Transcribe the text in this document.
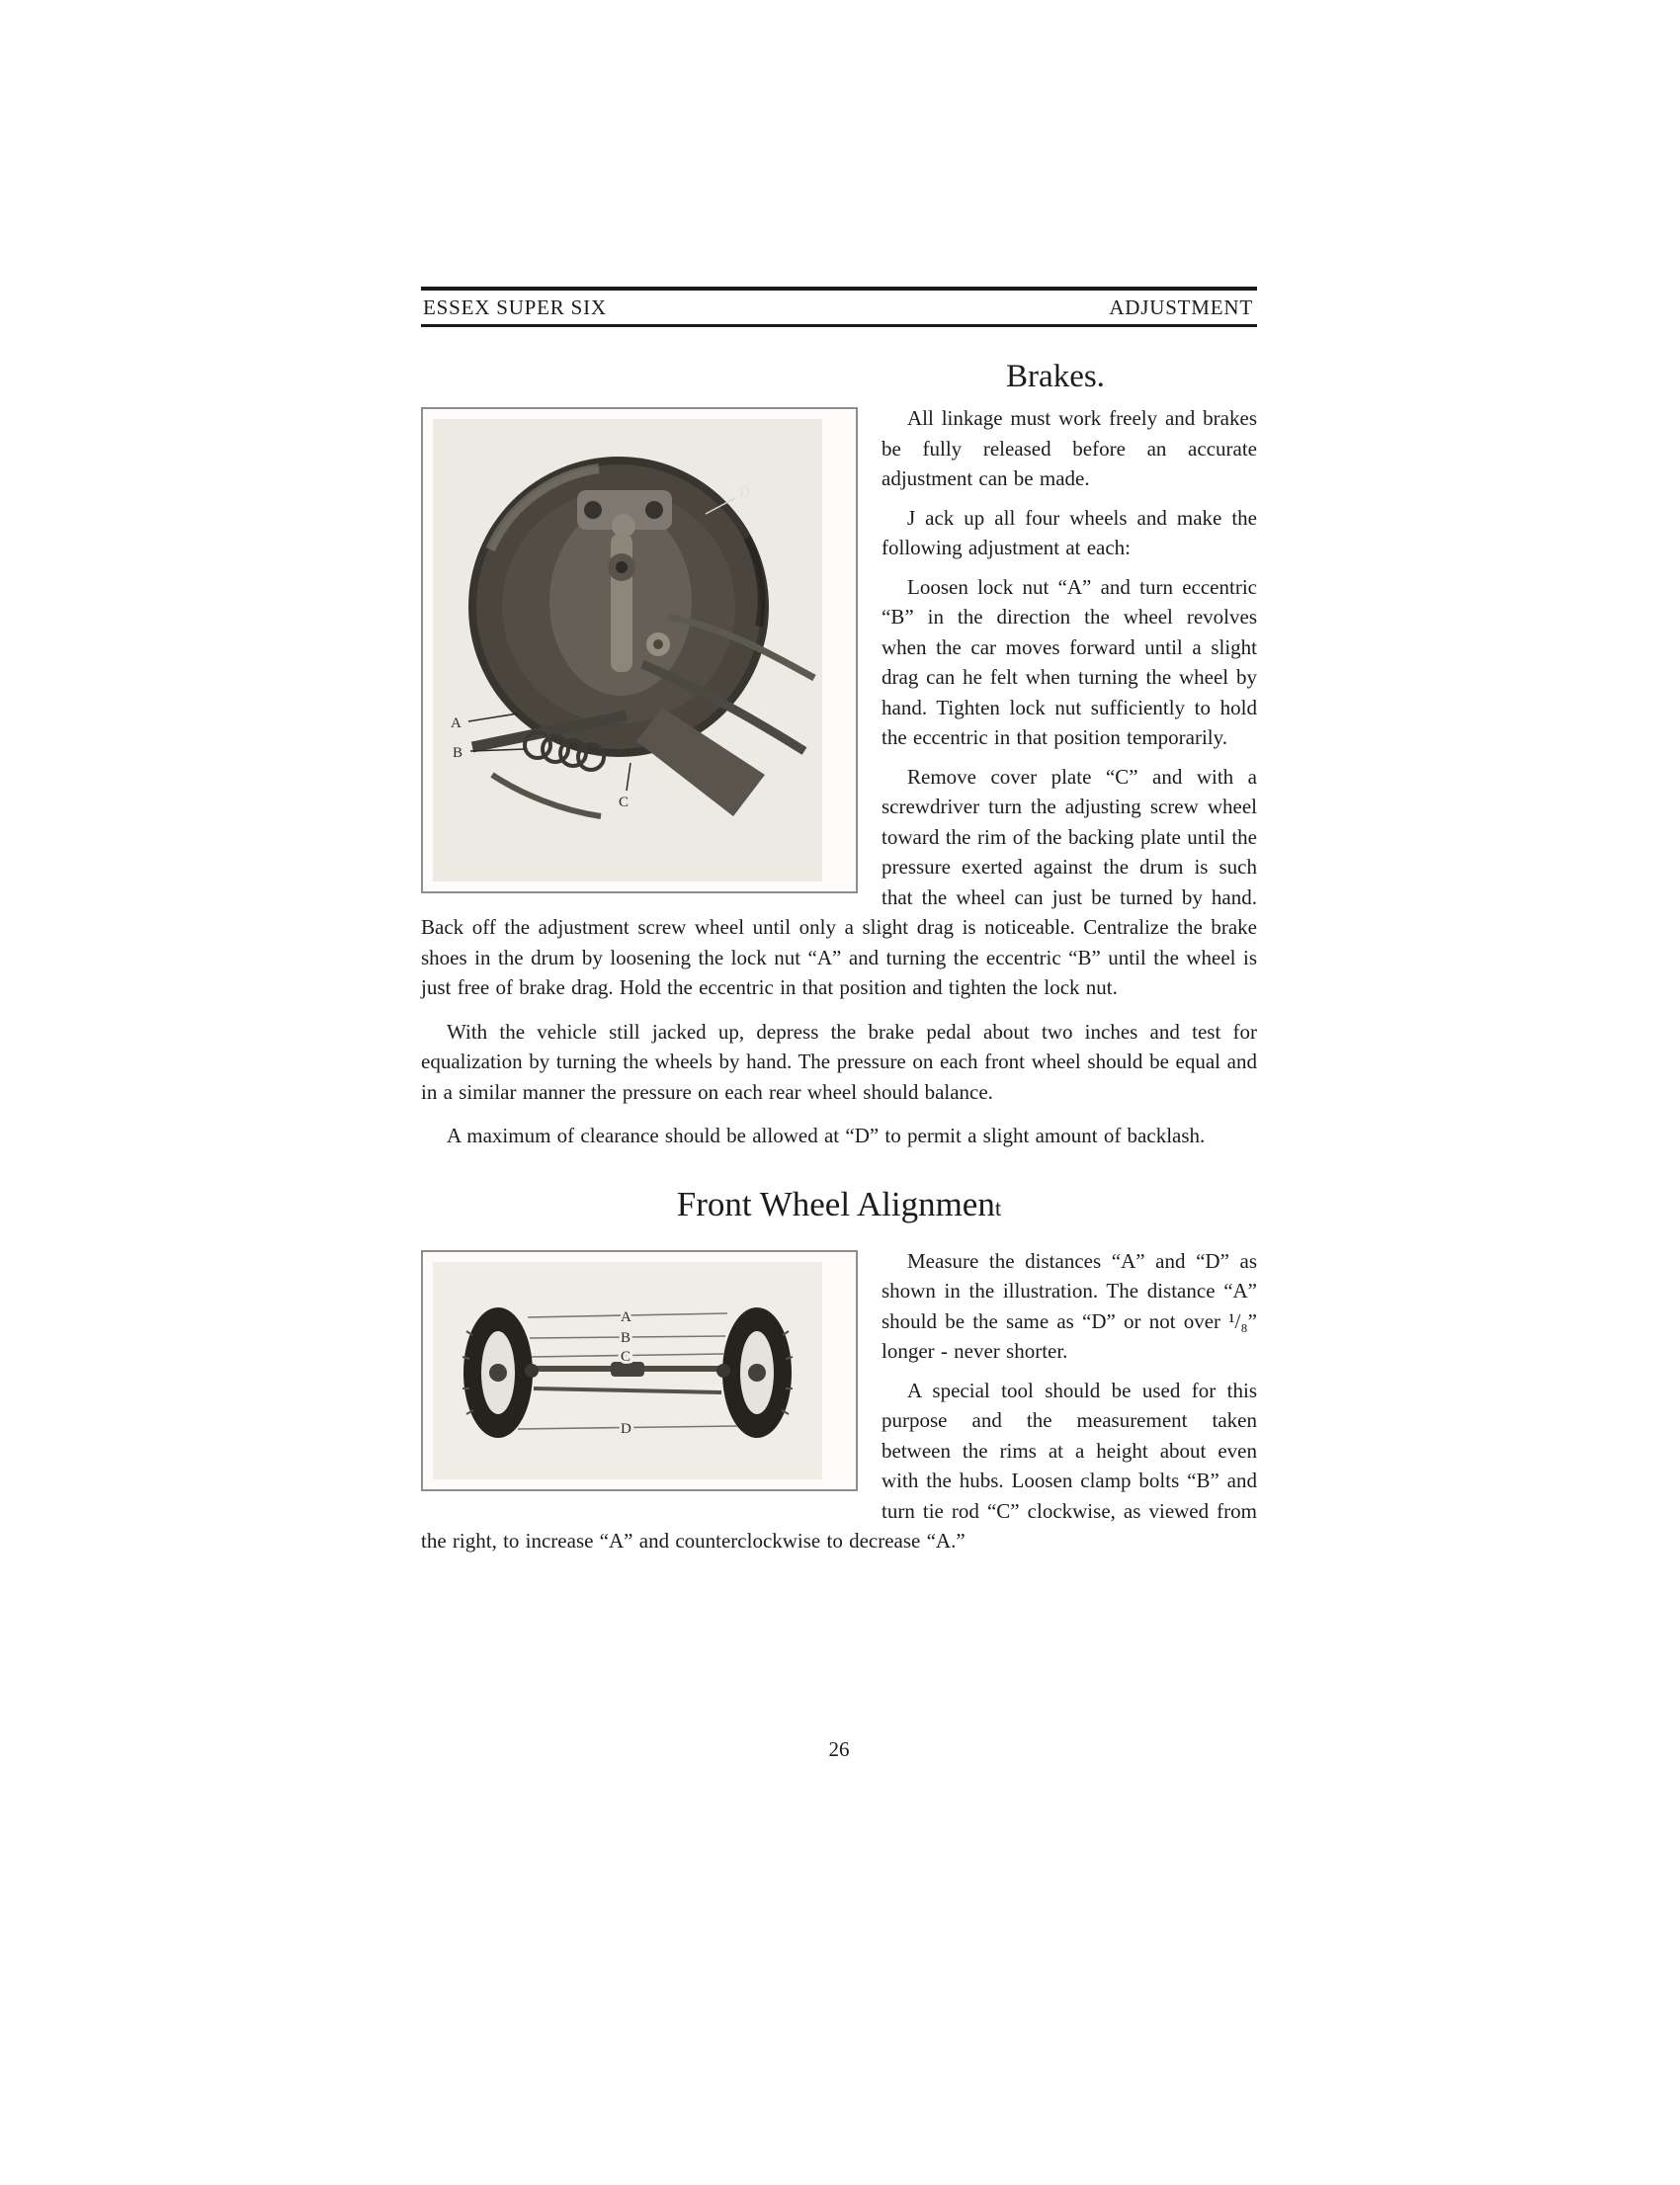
ESSEX SUPER SIX	ADJUSTMENT
Brakes.
A
B
C
D

All linkage must work freely and brakes be fully released before an accurate adjustment can be made.

J ack up all four wheels and make the following adjustment at each:

Loosen lock nut “A” and turn eccentric “B” in the direction the wheel revolves when the car moves forward until a slight drag can he felt when turning the wheel by hand. Tighten lock nut sufficiently to hold the eccentric in that position temporarily.

Remove cover plate “C” and with a screwdriver turn the adjusting screw wheel toward the rim of the backing plate until the pressure exerted against the drum is such that the wheel can just be turned by hand. Back off the adjustment screw wheel until only a slight drag is noticeable. Centralize the brake shoes in the drum by loosening the lock nut “A” and turning the eccentric “B” until the wheel is just free of brake drag. Hold the eccentric in that position and tighten the lock nut.

With the vehicle still jacked up, depress the brake pedal about two inches and test for equalization by turning the wheels by hand. The pressure on each front wheel should be equal and in a similar manner the pressure on each rear wheel should balance.

A maximum of clearance should be allowed at “D” to permit a slight amount of backlash.

Front Wheel Alignment
A
B
C
D

Measure the distances “A” and “D” as shown in the illustration. The distance “A” should be the same as “D” or not over ¹/₈” longer - never shorter.

A special tool should be used for this purpose and the measurement taken between the rims at a height about even with the hubs. Loosen clamp bolts “B” and turn tie rod “C” clockwise, as viewed from the right, to increase “A” and counterclockwise to decrease “A.”

26
